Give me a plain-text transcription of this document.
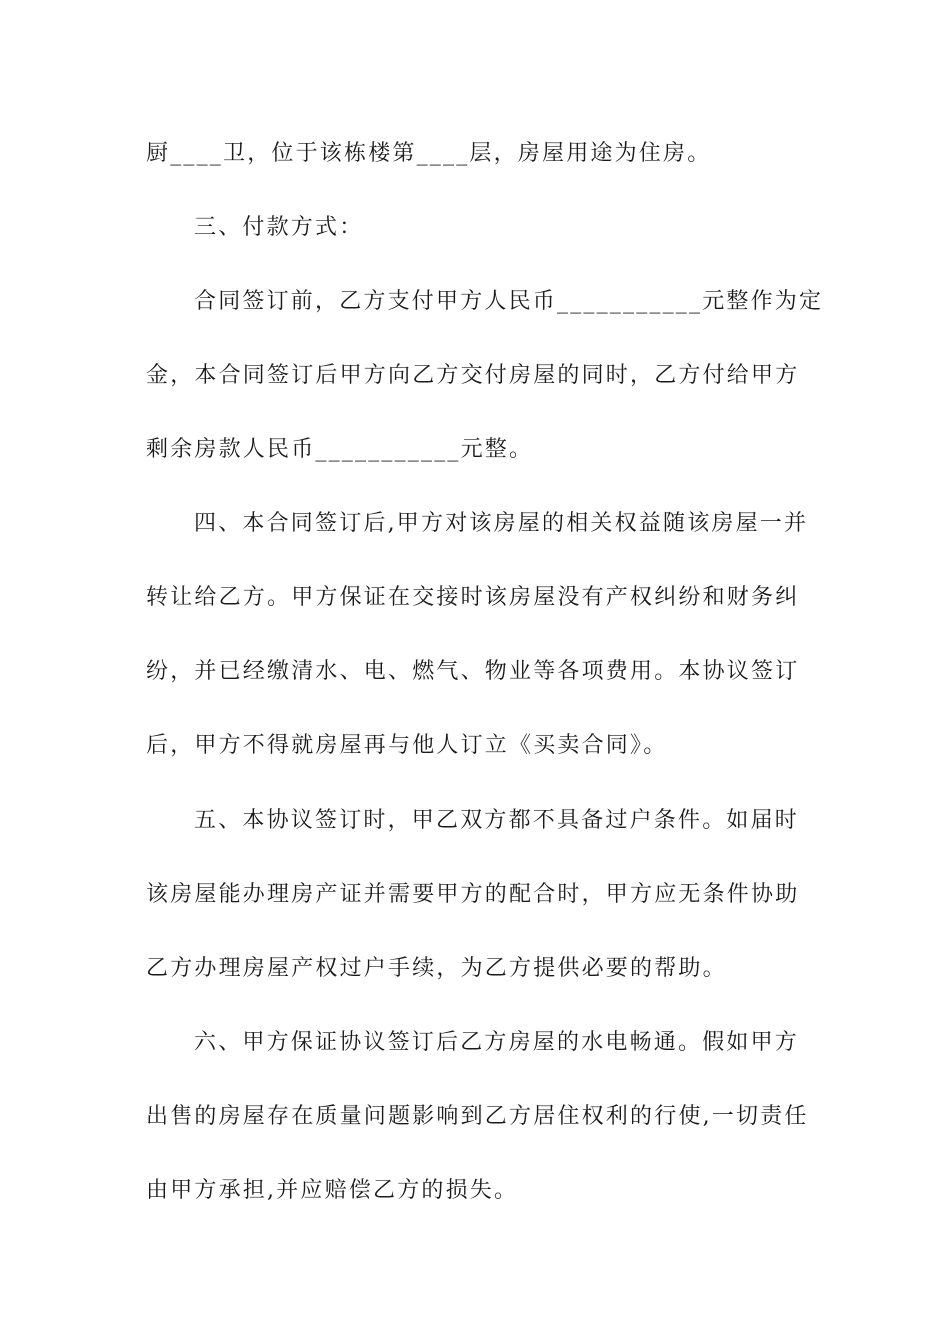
厨____卫，位于该栋楼第____层，房屋用途为住房。
三、付款方式：
合同签订前，乙方支付甲方人民币___________元整作为定
金，本合同签订后甲方向乙方交付房屋的同时，乙方付给甲方
剩余房款人民币___________元整。
四、本合同签订后,甲方对该房屋的相关权益随该房屋一并
转让给乙方。甲方保证在交接时该房屋没有产权纠纷和财务纠
纷，并已经缴清水、电、燃气、物业等各项费用。本协议签订
后，甲方不得就房屋再与他人订立《买卖合同》。
五、本协议签订时，甲乙双方都不具备过户条件。如届时
该房屋能办理房产证并需要甲方的配合时，甲方应无条件协助
乙方办理房屋产权过户手续，为乙方提供必要的帮助。
六、甲方保证协议签订后乙方房屋的水电畅通。假如甲方
出售的房屋存在质量问题影响到乙方居住权利的行使,一切责任
由甲方承担,并应赔偿乙方的损失。
